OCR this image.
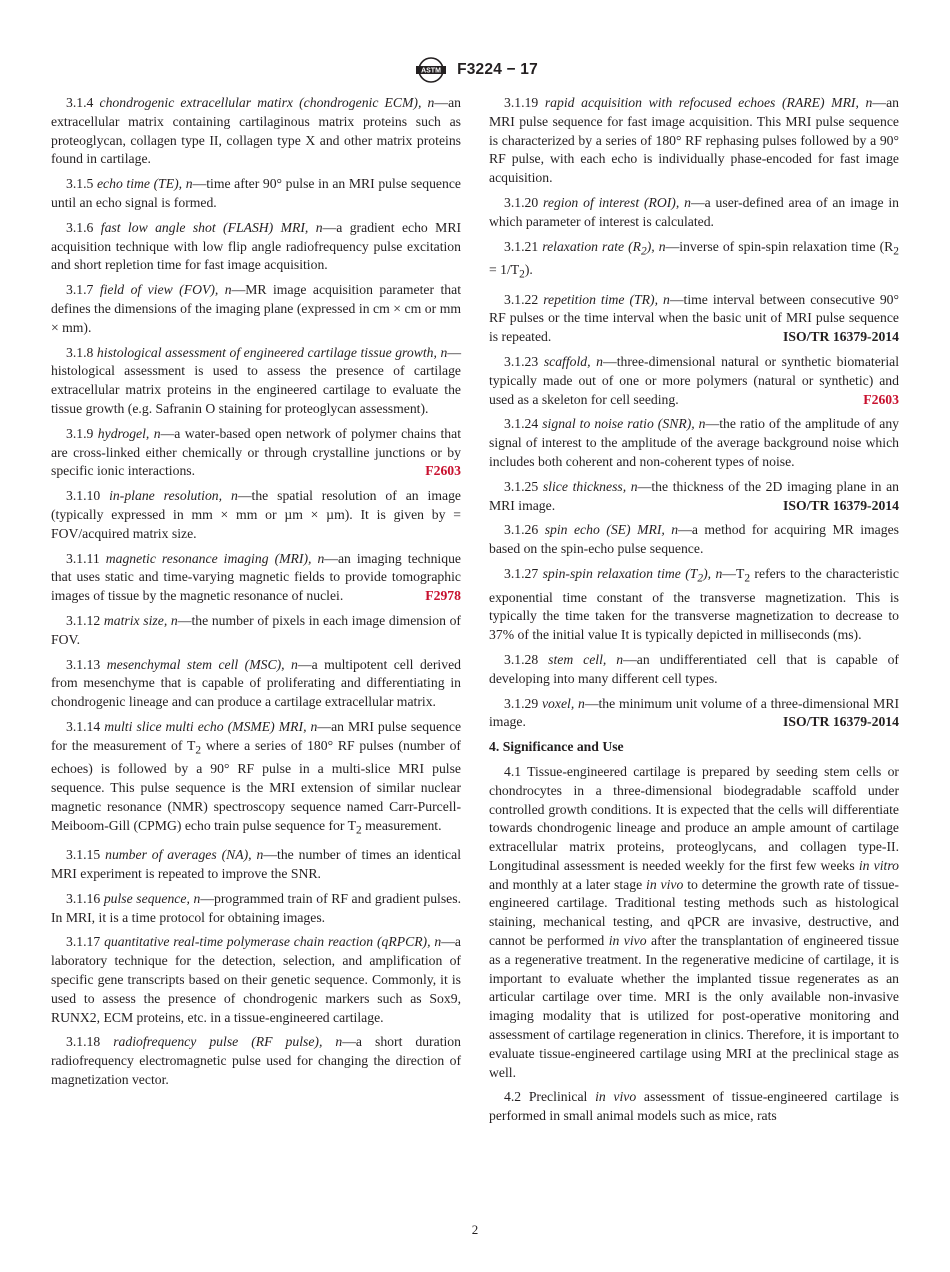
ASTM F3224 − 17

3.1.4 chondrogenic extracellular matirx (chondrogenic ECM), n—an extracellular matrix containing cartilaginous matrix proteins such as proteoglycan, collagen type II, collagen type X and other matrix proteins found in cartilage.

3.1.5 echo time (TE), n—time after 90° pulse in an MRI pulse sequence until an echo signal is formed.

3.1.6 fast low angle shot (FLASH) MRI, n—a gradient echo MRI acquisition technique with low flip angle radiofrequency pulse excitation and short repletion time for fast image acquisition.

3.1.7 field of view (FOV), n—MR image acquisition parameter that defines the dimensions of the imaging plane (expressed in cm × cm or mm × mm).

3.1.8 histological assessment of engineered cartilage tissue growth, n—histological assessment is used to assess the presence of cartilage extracellular matrix proteins in the engineered cartilage to evaluate the tissue growth (e.g. Safranin O staining for proteoglycan assessment).

3.1.9 hydrogel, n—a water-based open network of polymer chains that are cross-linked either chemically or through crystalline junctions or by specific ionic interactions.	F2603

3.1.10 in-plane resolution, n—the spatial resolution of an image (typically expressed in mm × mm or µm × µm). It is given by = FOV/acquired matrix size.

3.1.11 magnetic resonance imaging (MRI), n—an imaging technique that uses static and time-varying magnetic fields to provide tomographic images of tissue by the magnetic resonance of nuclei.	F2978

3.1.12 matrix size, n—the number of pixels in each image dimension of FOV.

3.1.13 mesenchymal stem cell (MSC), n—a multipotent cell derived from mesenchyme that is capable of proliferating and differentiating in chondrogenic lineage and can produce a cartilage extracellular matrix.

3.1.14 multi slice multi echo (MSME) MRI, n—an MRI pulse sequence for the measurement of $T_2$ where a series of 180° RF pulses (number of echoes) is followed by a 90° RF pulse in a multi-slice MRI pulse sequence. This pulse sequence is the MRI extension of similar nuclear magnetic resonance (NMR) spectroscopy sequence named Carr-Purcell-Meiboom-Gill (CPMG) echo train pulse sequence for $T_2$ measurement.

3.1.15 number of averages (NA), n—the number of times an identical MRI experiment is repeated to improve the SNR.

3.1.16 pulse sequence, n—programmed train of RF and gradient pulses. In MRI, it is a time protocol for obtaining images.

3.1.17 quantitative real-time polymerase chain reaction (qRPCR), n—a laboratory technique for the detection, selection, and amplification of specific gene transcripts based on their genetic sequence. Commonly, it is used to assess the presence of chondrogenic markers such as Sox9, RUNX2, ECM proteins, etc. in a tissue-engineered cartilage.

3.1.18 radiofrequency pulse (RF pulse), n—a short duration radiofrequency electromagnetic pulse used for changing the direction of magnetization vector.

3.1.19 rapid acquisition with refocused echoes (RARE) MRI, n—an MRI pulse sequence for fast image acquisition. This MRI pulse sequence is characterized by a series of 180° RF rephasing pulses followed by a 90° RF pulse, with each echo is individually phase-encoded for fast image acquisition.

3.1.20 region of interest (ROI), n—a user-defined area of an image in which parameter of interest is calculated.

3.1.21 relaxation rate $(R_2)$, n—inverse of spin-spin relaxation time $(R_2 = 1/T_2)$.

3.1.22 repetition time (TR), n—time interval between consecutive 90° RF pulses or the time interval when the basic unit of MRI pulse sequence is repeated.	ISO/TR 16379-2014

3.1.23 scaffold, n—three-dimensional natural or synthetic biomaterial typically made out of one or more polymers (natural or synthetic) and used as a skeleton for cell seeding.	F2603

3.1.24 signal to noise ratio (SNR), n—the ratio of the amplitude of any signal of interest to the amplitude of the average background noise which includes both coherent and non-coherent types of noise.

3.1.25 slice thickness, n—the thickness of the 2D imaging plane in an MRI image.	ISO/TR 16379-2014

3.1.26 spin echo (SE) MRI, n—a method for acquiring MR images based on the spin-echo pulse sequence.

3.1.27 spin-spin relaxation time $(T_2)$, $n—T_2$ refers to the characteristic exponential time constant of the transverse magnetization. This is typically the time taken for the transverse magnetization to decrease to 37% of the initial value It is typically depicted in milliseconds (ms).

3.1.28 stem cell, n—an undifferentiated cell that is capable of developing into many different cell types.

3.1.29 voxel, n—the minimum unit volume of a three-dimensional MRI image.	ISO/TR 16379-2014

4. Significance and Use

4.1 Tissue-engineered cartilage is prepared by seeding stem cells or chondrocytes in a three-dimensional biodegradable scaffold under controlled growth conditions. It is expected that the cells will differentiate towards chondrogenic lineage and produce an ample amount of cartilage extracellular matrix proteins, proteoglycans, and collagen type-II. Longitudinal assessment is needed weekly for the first few weeks in vitro and monthly at a later stage in vivo to determine the growth rate of tissue-engineered cartilage. Traditional testing methods such as histological staining, mechanical testing, and qPCR are invasive, destructive, and cannot be performed in vivo after the transplantation of engineered tissue as a regenerative treatment. In the regenerative medicine of cartilage, it is important to evaluate whether the implanted tissue regenerates as an articular cartilage over time. MRI is the only available non-invasive imaging modality that is utilized for post-operative monitoring and assessment of cartilage regeneration in clinics. Therefore, it is important to evaluate tissue-engineered cartilage using MRI at the preclinical stage as well.

4.2 Preclinical in vivo assessment of tissue-engineered cartilage is performed in small animal models such as mice, rats

2
